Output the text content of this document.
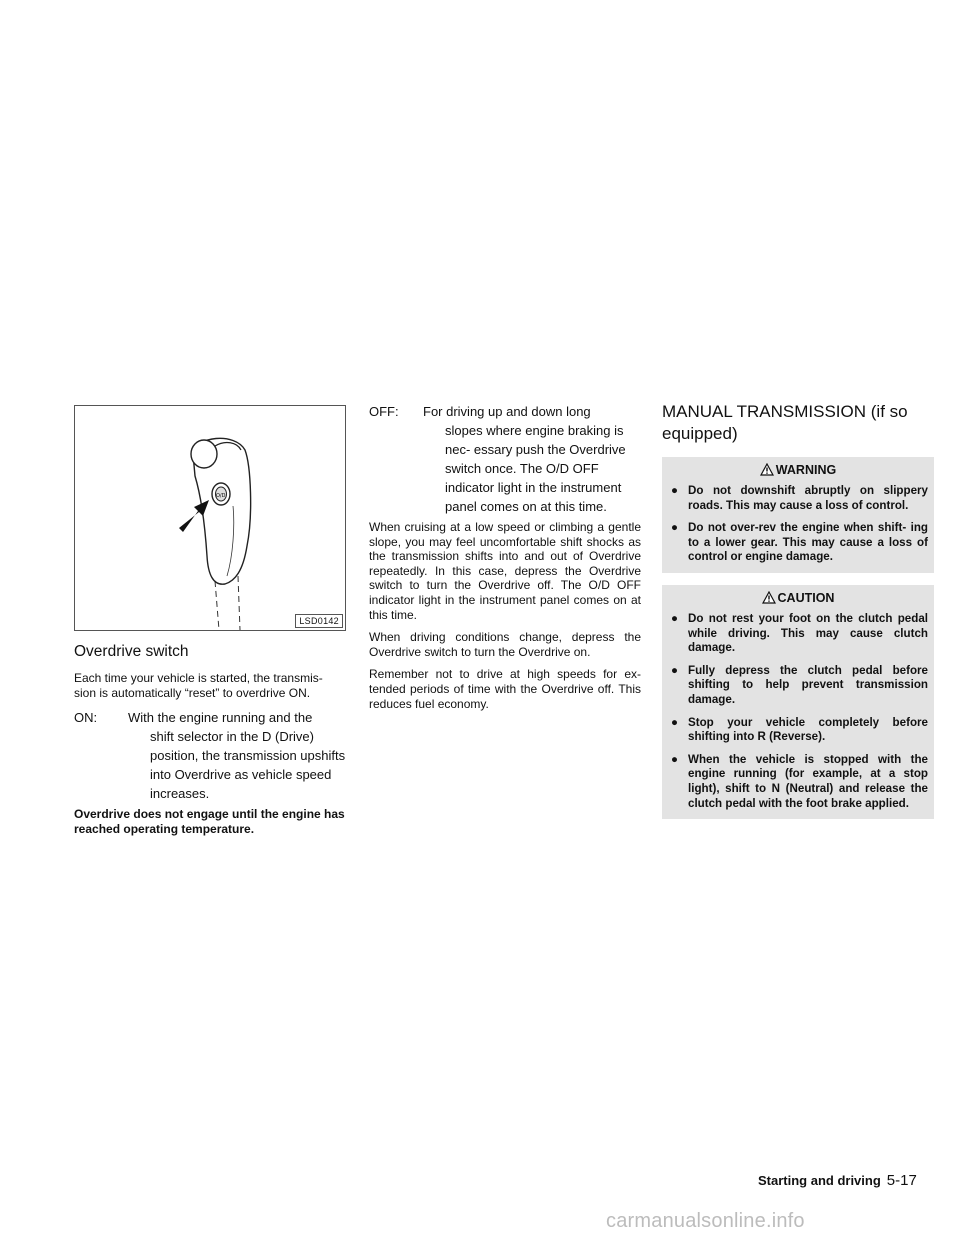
O/D
LSD0142
Overdrive switch

Each time your vehicle is started, the transmis- sion is automatically “reset” to overdrive ON.

ON:	With the engine running and the
shift selector in the D (Drive) position, the transmission upshifts into Overdrive as vehicle speed increases.

Overdrive does not engage until the engine has reached operating temperature.

OFF:	For driving up and down long
slopes where engine braking is nec- essary push the Overdrive switch once. The O/D OFF indicator light in the instrument panel comes on at this time.

When cruising at a low speed or climbing a gentle slope, you may feel uncomfortable shift shocks as the transmission shifts into and out of Overdrive repeatedly. In this case, depress the Overdrive switch to turn the Overdrive off. The O/D OFF indicator light in the instrument panel comes on at this time.

When driving conditions change, depress the Overdrive switch to turn the Overdrive on.

Remember not to drive at high speeds for ex- tended periods of time with the Overdrive off. This reduces fuel economy.

MANUAL TRANSMISSION (if so equipped)
WARNING
● Do not downshift abruptly on slippery roads. This may cause a loss of control.
● Do not over-rev the engine when shift- ing to a lower gear. This may cause a loss of control or engine damage.
CAUTION
● Do not rest your foot on the clutch pedal while driving. This may cause clutch damage.
● Fully depress the clutch pedal before shifting to help prevent transmission damage.
● Stop your vehicle completely before shifting into R (Reverse).
● When the vehicle is stopped with the engine running (for example, at a stop light), shift to N (Neutral) and release the clutch pedal with the foot brake applied.
Starting and driving 5-17
carmanualsonline.info
